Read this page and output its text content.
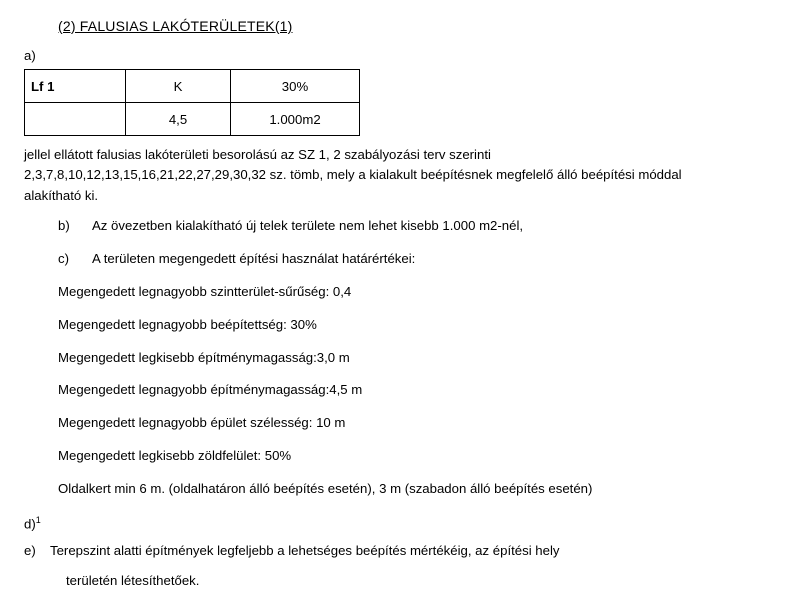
(2) FALUSIAS LAKÓTERÜLETEK(1)
a)
Lf 1	K	30%
	4,5	1.000m2
jellel ellátott falusias lakóterületi besorolású az SZ 1, 2 szabályozási terv szerinti
2,3,7,8,10,12,13,15,16,21,22,27,29,30,32 sz. tömb, mely a kialakult beépítésnek megfelelő álló beépítési móddal
alakítható ki.
b) Az övezetben kialakítható új telek területe nem lehet kisebb 1.000 m2-nél,
c) A területen megengedett építési használat határértékei:
Megengedett legnagyobb szintterület-sűrűség: 0,4
Megengedett legnagyobb beépítettség: 30%
Megengedett legkisebb építménymagasság:3,0 m
Megengedett legnagyobb építménymagasság:4,5 m
Megengedett legnagyobb épület szélesség: 10 m
Megengedett legkisebb zöldfelület: 50%
Oldalkert min 6 m. (oldalhatáron álló beépítés esetén), 3 m (szabadon álló beépítés esetén)
d)$^1$
e) Terepszint alatti építmények legfeljebb a lehetséges beépítés mértékéig, az építési hely
területén létesíthetőek.
